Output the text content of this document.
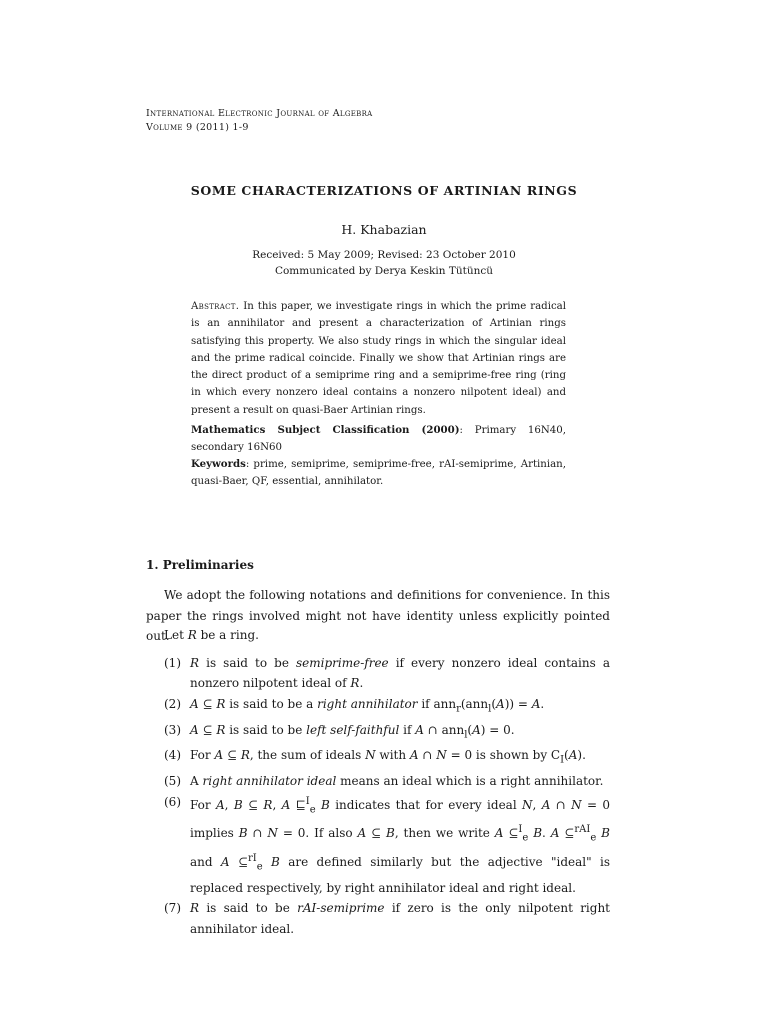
International Electronic Journal of Algebra
Volume 9 (2011) 1-9
SOME CHARACTERIZATIONS OF ARTINIAN RINGS
H. Khabazian
Received: 5 May 2009; Revised: 23 October 2010
Communicated by Derya Keskin Tütüncü
Abstract. In this paper, we investigate rings in which the prime radical is an annihilator and present a characterization of Artinian rings satisfying this property. We also study rings in which the singular ideal and the prime radical coincide. Finally we show that Artinian rings are the direct product of a semiprime ring and a semiprime-free ring (ring in which every nonzero ideal contains a nonzero nilpotent ideal) and present a result on quasi-Baer Artinian rings.
Mathematics Subject Classification (2000): Primary 16N40, secondary 16N60
Keywords: prime, semiprime, semiprime-free, rAI-semiprime, Artinian, quasi-Baer, QF, essential, annihilator.
1. Preliminaries
We adopt the following notations and definitions for convenience. In this paper the rings involved might not have identity unless explicitly pointed out.
Let R be a ring.
(1) R is said to be semiprime-free if every nonzero ideal contains a nonzero nilpotent ideal of R.
(2) A ⊆ R is said to be a right annihilator if ann$_r$(ann$_l$(A)) = A.
(3) A ⊆ R is said to be left self-faithful if A ∩ ann$_l$(A) = 0.
(4) For A ⊆ R, the sum of ideals N with A ∩ N = 0 is shown by $C_I(A)$.
(5) A right annihilator ideal means an ideal which is a right annihilator.
(6) For A, B ⊆ R, A ⊑$^I_e$ B indicates that for every ideal N, A ∩ N = 0 implies B ∩ N = 0. If also A ⊆ B, then we write A ⊆$^I_e$ B. A ⊆$^{rAI}_e$ B and A ⊆$^{rI}_e$ B are defined similarly but the adjective "ideal" is replaced respectively, by right annihilator ideal and right ideal.
(7) R is said to be rAI-semiprime if zero is the only nilpotent right annihilator ideal.
